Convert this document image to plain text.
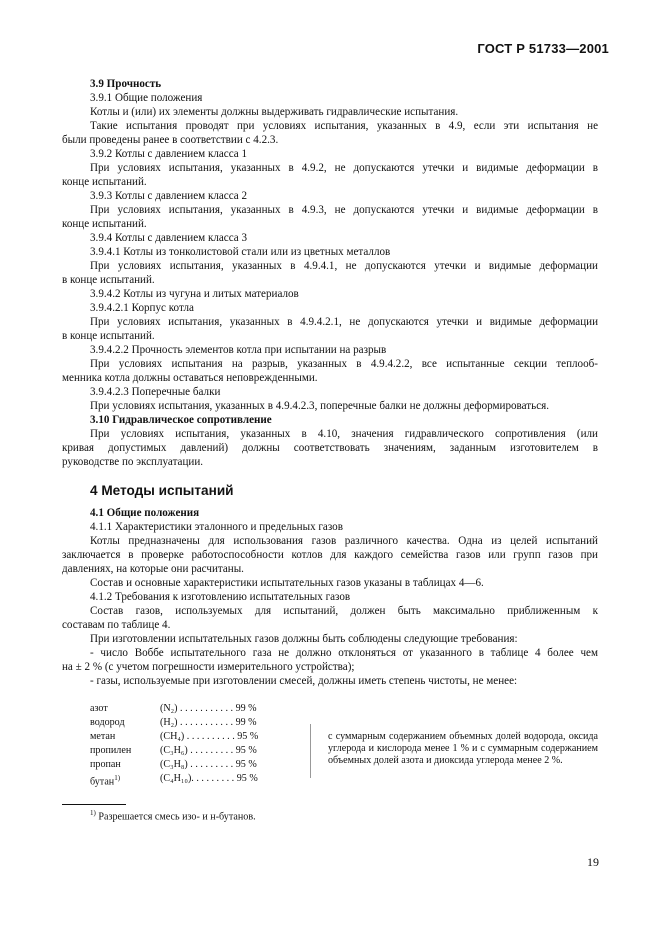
ГОСТ Р 51733—2001
3.9 Прочность
3.9.1 Общие положения
Котлы и (или) их элементы должны выдерживать гидравлические испытания.
Такие испытания проводят при условиях испытания, указанных в 4.9, если эти испытания не
были проведены ранее в соответствии с 4.2.3.
3.9.2 Котлы с давлением класса 1
При условиях испытания, указанных в 4.9.2, не допускаются утечки и видимые деформации в
конце испытаний.
3.9.3 Котлы с давлением класса 2
При условиях испытания, указанных в 4.9.3, не допускаются утечки и видимые деформации в
конце испытаний.
3.9.4 Котлы с давлением класса 3
3.9.4.1 Котлы из тонколистовой стали или из цветных металлов
При условиях испытания, указанных в 4.9.4.1, не допускаются утечки и видимые деформации
в конце испытаний.
3.9.4.2 Котлы из чугуна и литых материалов
3.9.4.2.1 Корпус котла
При условиях испытания, указанных в 4.9.4.2.1, не допускаются утечки и видимые деформации
в конце испытаний.
3.9.4.2.2 Прочность элементов котла при испытании на разрыв
При условиях испытания на разрыв, указанных в 4.9.4.2.2, все испытанные секции теплооб-
менника котла должны оставаться неповрежденными.
3.9.4.2.3 Поперечные балки
При условиях испытания, указанных в 4.9.4.2.3, поперечные балки не должны деформироваться.
3.10 Гидравлическое сопротивление
При условиях испытания, указанных в 4.10, значения гидравлического сопротивления (или
кривая допустимых давлений) должны соответствовать значениям, заданным изготовителем в
руководстве по эксплуатации.
4 Методы испытаний
4.1 Общие положения
4.1.1 Характеристики эталонного и предельных газов
Котлы предназначены для использования газов различного качества. Одна из целей испытаний
заключается в проверке работоспособности котлов для каждого семейства газов или групп газов при
давлениях, на которые они расчитаны.
Состав и основные характеристики испытательных газов указаны в таблицах 4—6.
4.1.2 Требования к изготовлению испытательных газов
Состав газов, используемых для испытаний, должен быть максимально приближенным к
составам по таблице 4.
При изготовлении испытательных газов должны быть соблюдены следующие требования:
- число Воббе испытательного газа не должно отклоняться от указанного в таблице 4 более чем
на ± 2 % (с учетом погрешности измерительного устройства);
- газы, используемые при изготовлении смесей, должны иметь степень чистоты, не менее:
азот	(N₂) . . . . . . . . . . . 99 %
водород	(H₂) . . . . . . . . . . . 99 %
метан	(CH₄) . . . . . . . . . . 95 %
пропилен	(C₃H₆) . . . . . . . . . 95 %
пропан	(C₃H₈) . . . . . . . . . 95 %
бутан$^{1)}$	(C₄H₁₀). . . . . . . . . 95 %
с суммарным содержанием объемных долей водорода, оксида углерода и кислорода менее 1 % и с суммарным содержанием объемных долей азота и диоксида углерода менее 2 %.
$^{1)}$ Разрешается смесь изо- и н-бутанов.
19
